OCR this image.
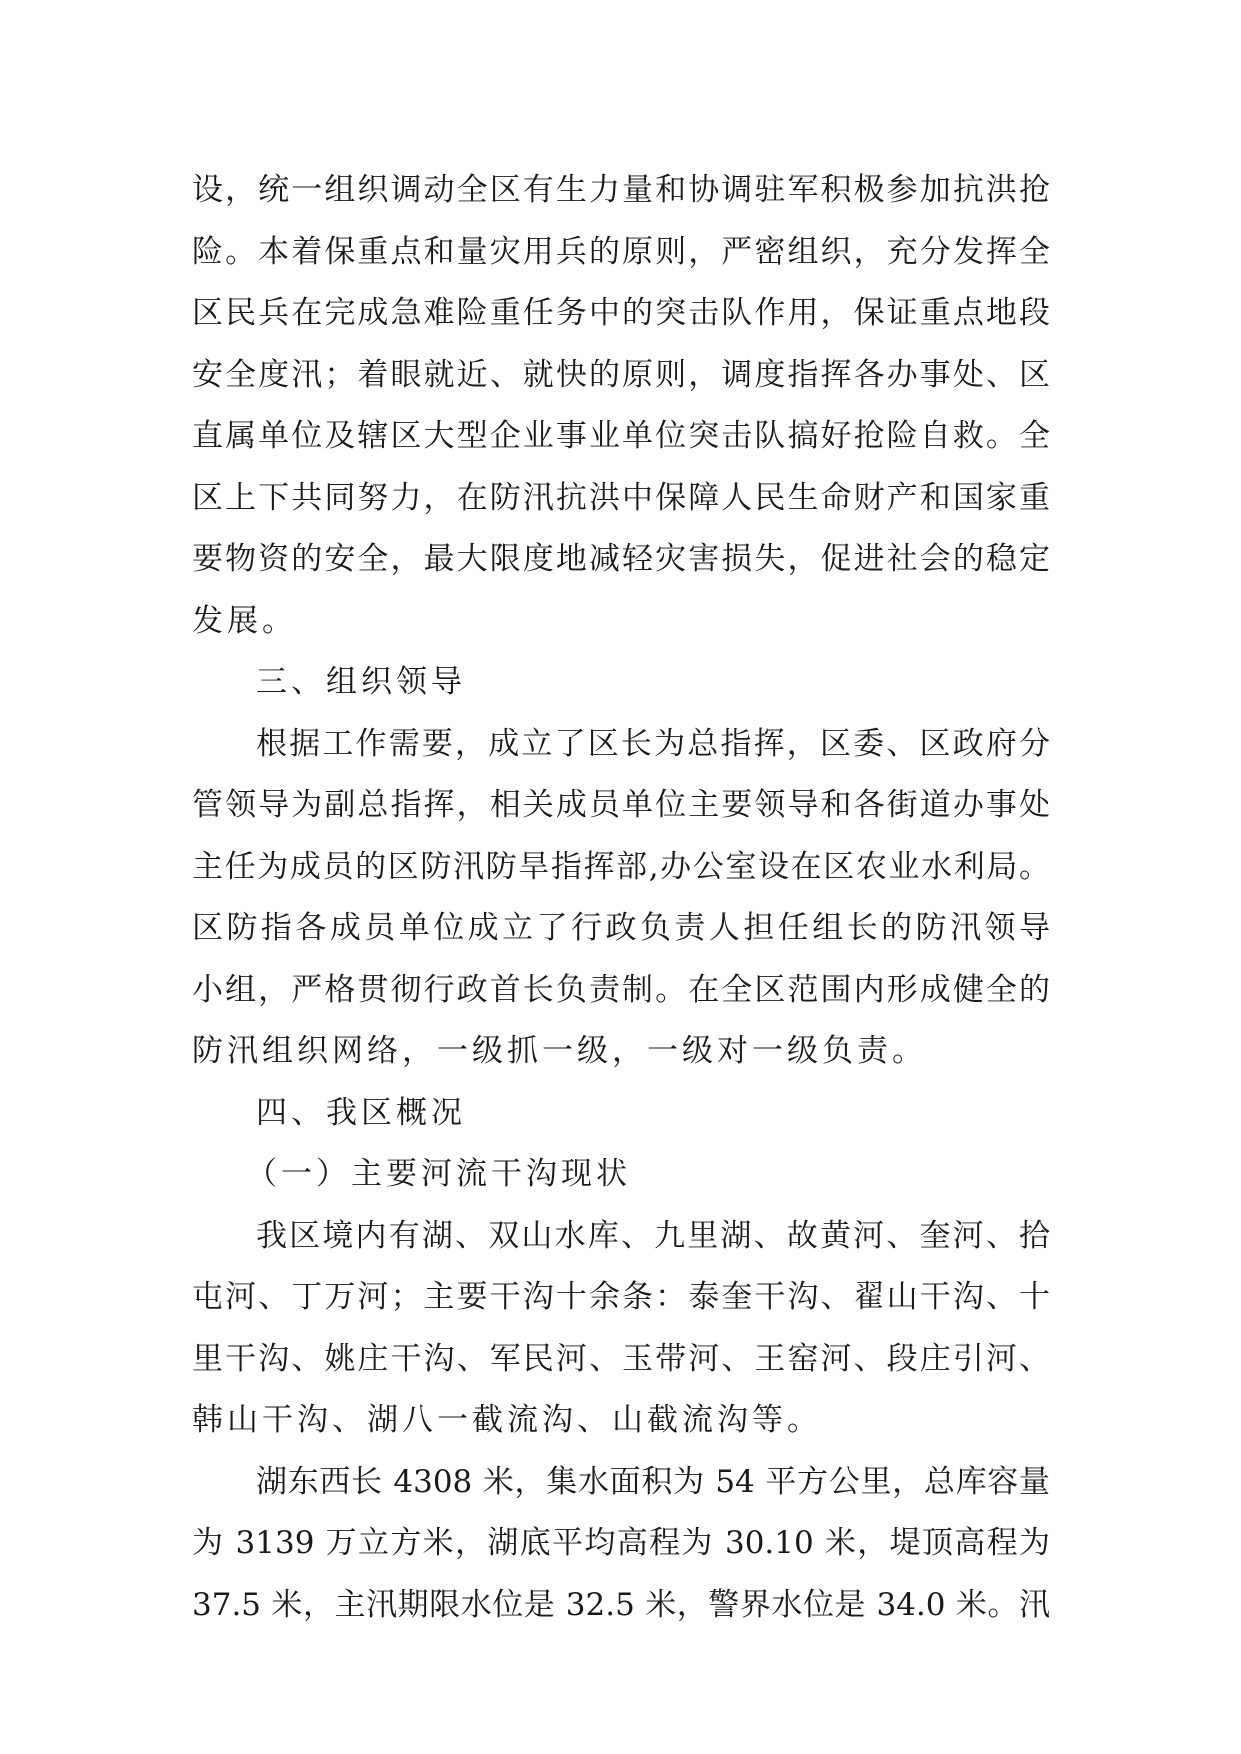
设，统一组织调动全区有生力量和协调驻军积极参加抗洪抢
险。本着保重点和量灾用兵的原则，严密组织，充分发挥全
区民兵在完成急难险重任务中的突击队作用，保证重点地段
安全度汛；着眼就近、就快的原则，调度指挥各办事处、区
直属单位及辖区大型企业事业单位突击队搞好抢险自救。全
区上下共同努力，在防汛抗洪中保障人民生命财产和国家重
要物资的安全，最大限度地减轻灾害损失，促进社会的稳定
发展。
三、组织领导
根据工作需要，成立了区长为总指挥，区委、区政府分
管领导为副总指挥，相关成员单位主要领导和各街道办事处
主任为成员的区防汛防旱指挥部,办公室设在区农业水利局。
区防指各成员单位成立了行政负责人担任组长的防汛领导
小组，严格贯彻行政首长负责制。在全区范围内形成健全的
防汛组织网络，一级抓一级，一级对一级负责。
四、我区概况
（一）主要河流干沟现状
我区境内有湖、双山水库、九里湖、故黄河、奎河、拾
屯河、丁万河；主要干沟十余条：泰奎干沟、翟山干沟、十
里干沟、姚庄干沟、军民河、玉带河、王窑河、段庄引河、
韩山干沟、湖八一截流沟、山截流沟等。
湖东西长 4308 米，集水面积为 54 平方公里，总库容量
为 3139 万立方米，湖底平均高程为 30.10 米，堤顶高程为
37.5 米，主汛期限水位是 32.5 米，警界水位是 34.0 米。汛
